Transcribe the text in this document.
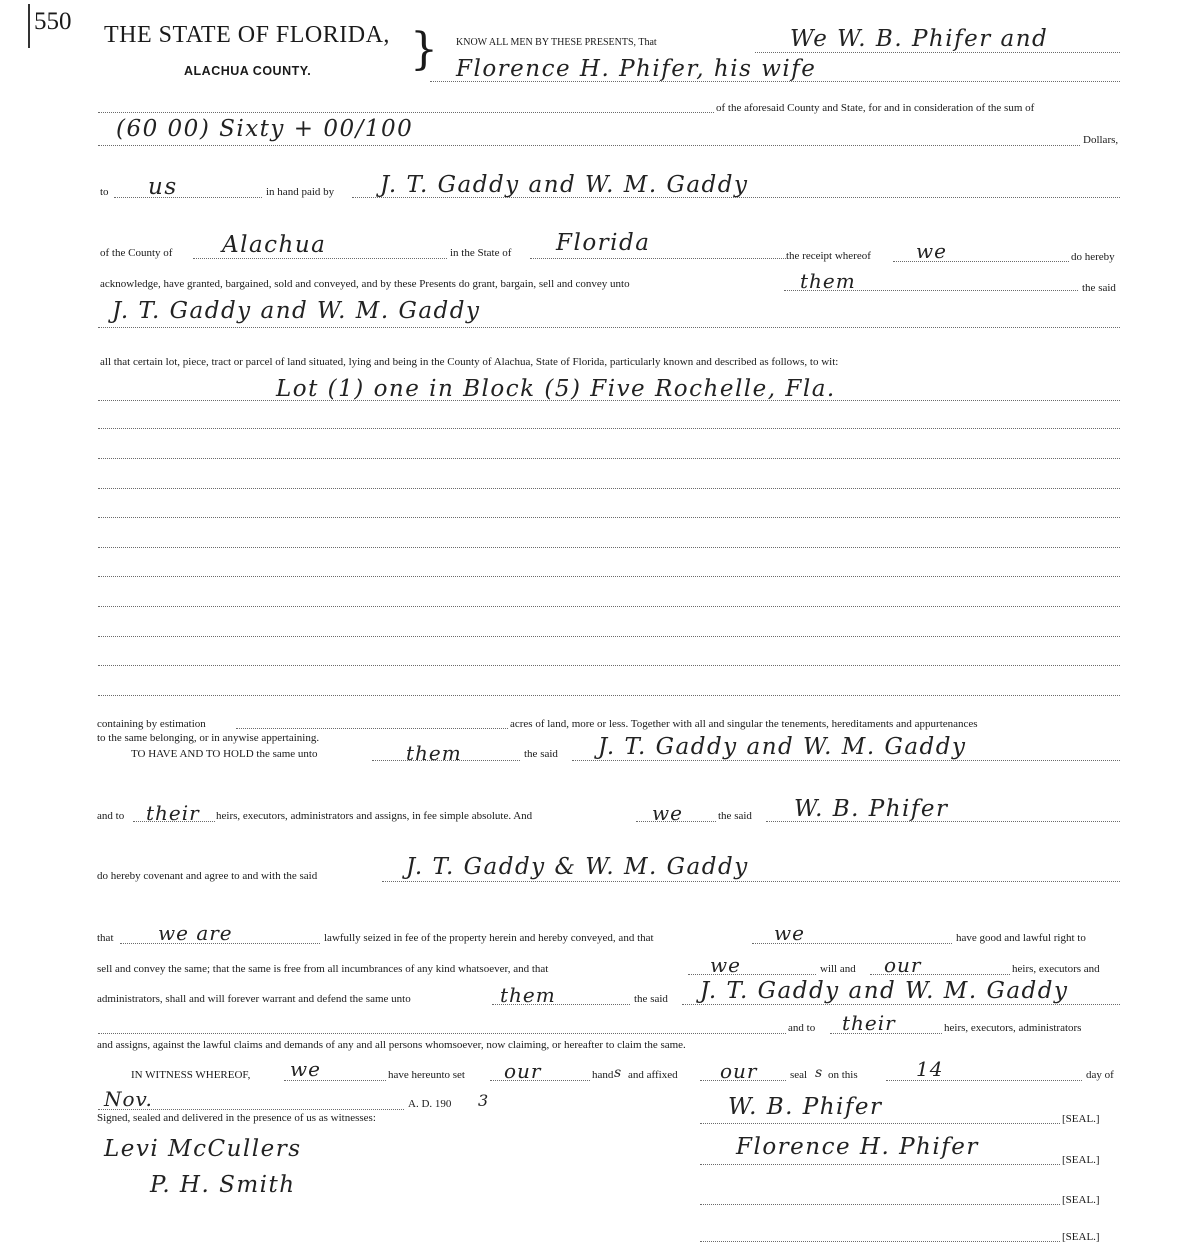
550 THE STATE OF FLORIDA,
ALACHUA COUNTY. } KNOW ALL MEN BY THESE PRESENTS, That	We W. B. Phifer and
Florence H. Phifer, his wife
of the aforesaid County and State, for and in consideration of the sum of
(60 00) Sixty + 00/100	Dollars,
to us	in hand paid by J. T. Gaddy and W. M. Gaddy
of the County of Alachua	in the State of Florida	the receipt whereof we	do hereby
acknowledge, have granted, bargained, sold and conveyed, and by these Presents do grant, bargain, sell and convey unto	them	the said
J. T. Gaddy and W. M. Gaddy
all that certain lot, piece, tract or parcel of land situated, lying and being in the County of Alachua, State of Florida, particularly known and described as follows, to wit:
Lot (1) one in Block (5) Five Rochelle, Fla.
containing by estimation	acres of land, more or less. Together with all and singular the tenements, hereditaments and appurtenances
to the same belonging, or in anywise appertaining.
TO HAVE AND TO HOLD the same unto	them	the said J. T. Gaddy and W. M. Gaddy
and to their heirs, executors, administrators and assigns, in fee simple absolute. And	we	the said W. B. Phifer
do hereby covenant and agree to and with the said	J. T. Gaddy & W. M. Gaddy
that we are	lawfully seized in fee of the property herein and hereby conveyed, and that	we	have good and lawful right to
sell and convey the same; that the same is free from all incumbrances of any kind whatsoever, and that	we	will and our	heirs, executors and
administrators, shall and will forever warrant and defend the same unto	them	the said J. T. Gaddy and W. M. Gaddy
and to their	heirs, executors, administrators
and assigns, against the lawful claims and demands of any and all persons whomsoever, now claiming, or hereafter to claim the same.
IN WITNESS WHEREOF, we	have hereunto set our	hand s and affixed our	seal s on this	14	day of
Nov.	A. D. 190 3
Signed, sealed and delivered in the presence of us as witnesses:
Levi McCullers
P. H. Smith
W. B. Phifer	[SEAL.]
Florence H. Phifer	[SEAL.]
[SEAL.]
[SEAL.]
